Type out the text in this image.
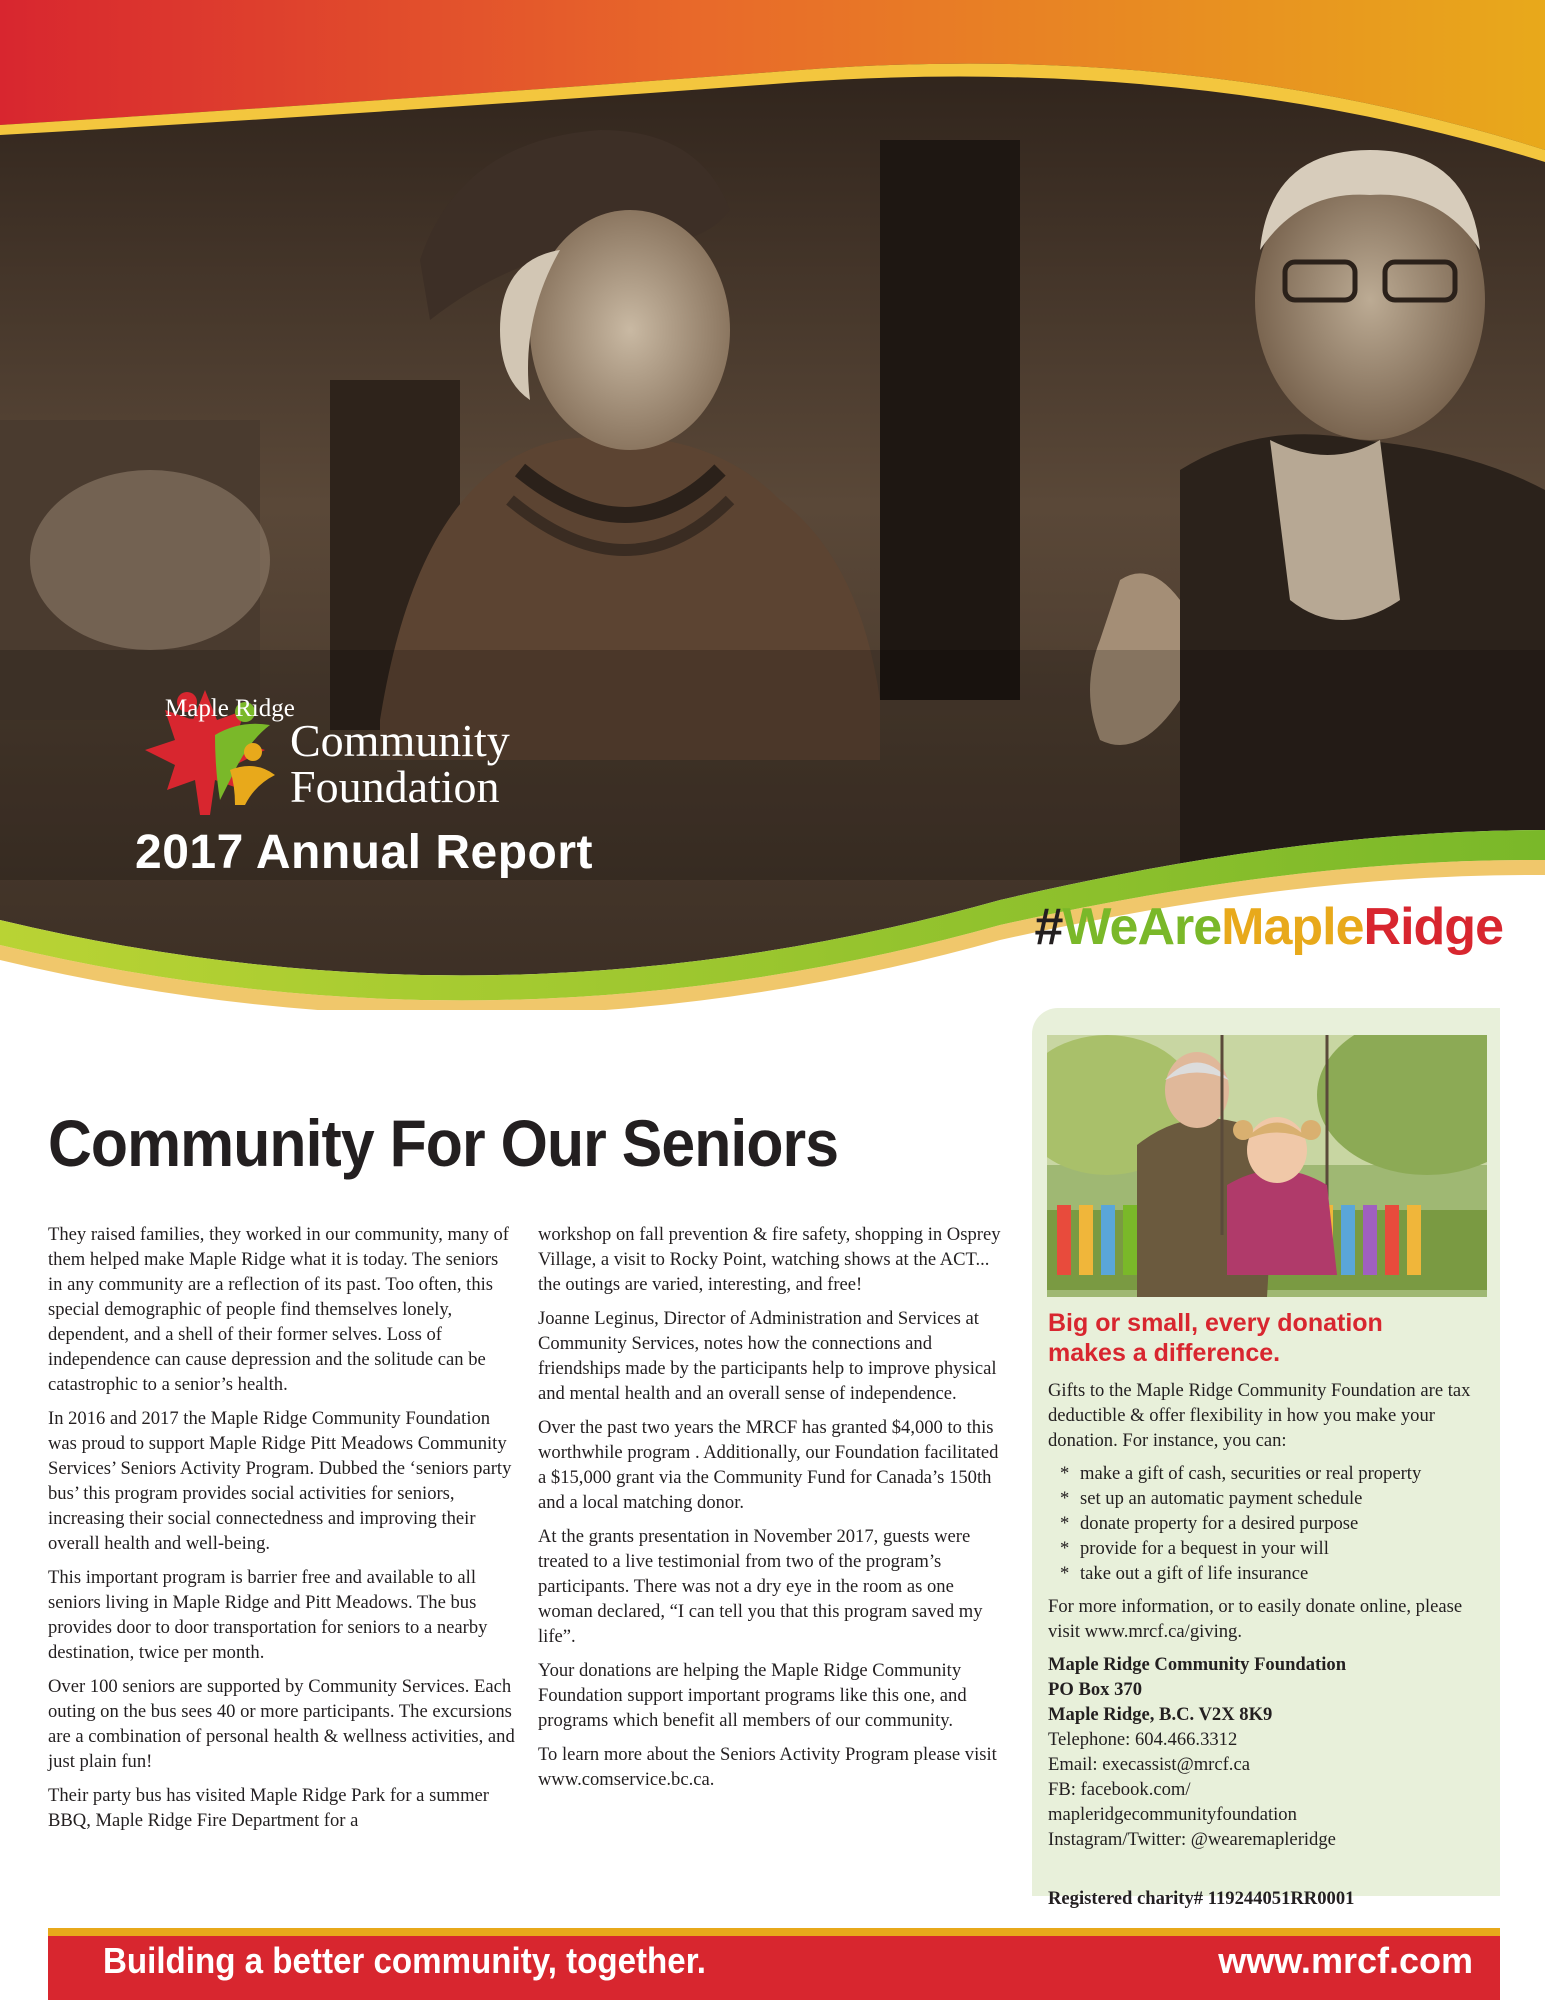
Maple Ridge
Community
Foundation
2017 Annual Report
#WeAreMapleRidge
Community For Our Seniors

They raised families, they worked in our community, many of them helped make Maple Ridge what it is today. The seniors in any community are a reflection of its past. Too often, this special demographic of people find themselves lonely, dependent, and a shell of their former selves. Loss of independence can cause depression and the solitude can be catastrophic to a senior’s health.

In 2016 and 2017 the Maple Ridge Community Foundation was proud to support Maple Ridge Pitt Meadows Community Services’ Seniors Activity Program. Dubbed the ‘seniors party bus’ this program provides social activities for seniors, increasing their social connectedness and improving their overall health and well-being.

This important program is barrier free and available to all seniors living in Maple Ridge and Pitt Meadows. The bus provides door to door transportation for seniors to a nearby destination, twice per month.

Over 100 seniors are supported by Community Services. Each outing on the bus sees 40 or more participants. The excursions are a combination of personal health & wellness activities, and just plain fun!

Their party bus has visited Maple Ridge Park for a summer BBQ, Maple Ridge Fire Department for a

workshop on fall prevention & fire safety, shopping in Osprey Village, a visit to Rocky Point, watching shows at the ACT... the outings are varied, interesting, and free!

Joanne Leginus, Director of Administration and Services at Community Services, notes how the connections and friendships made by the participants help to improve physical and mental health and an overall sense of independence.

Over the past two years the MRCF has granted $4,000 to this worthwhile program . Additionally, our Foundation facilitated a $15,000 grant via the Community Fund for Canada’s 150th and a local matching donor.

At the grants presentation in November 2017, guests were treated to a live testimonial from two of the program’s participants. There was not a dry eye in the room as one woman declared, “I can tell you that this program saved my life”.

Your donations are helping the Maple Ridge Community Foundation support important programs like this one, and programs which benefit all members of our community.

To learn more about the Seniors Activity Program please visit www.comservice.bc.ca.

Big or small, every donation
makes a difference.

Gifts to the Maple Ridge Community Foundation are tax deductible & offer flexibility in how you make your donation. For instance, you can:

* make a gift of cash, securities or real property
* set up an automatic payment schedule
* donate property for a desired purpose
* provide for a bequest in your will
* take out a gift of life insurance

For more information, or to easily donate online, please visit www.mrcf.ca/giving.

Maple Ridge Community Foundation
PO Box 370
Maple Ridge, B.C. V2X 8K9
Telephone: 604.466.3312
Email: execassist@mrcf.ca
FB: facebook.com/
mapleridgecommunityfoundation
Instagram/Twitter: @wearemapleridge
Registered charity# 119244051RR0001
Building a better community, together.	www.mrcf.com
